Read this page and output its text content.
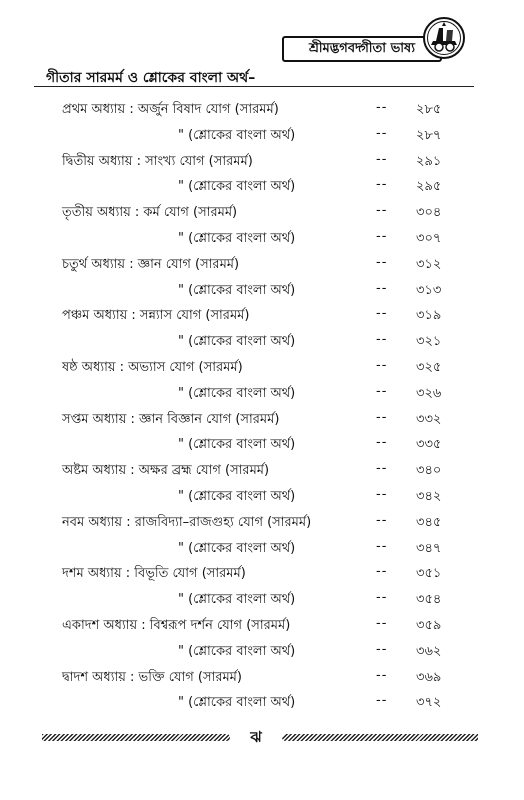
শ্রীমদ্ভগবদ্গীতা ভাষ্য
গীতার সারমর্ম ও শ্লোকের বাংলা অর্থ–
প্রথম অধ্যায় : অর্জুন বিষাদ যোগ (সারমর্ম)	-- ২৮৫
" (শ্লোকের বাংলা অর্থ)	-- ২৮৭
দ্বিতীয় অধ্যায় : সাংখ্য যোগ (সারমর্ম)	-- ২৯১
" (শ্লোকের বাংলা অর্থ)	-- ২৯৫
তৃতীয় অধ্যায় : কর্ম যোগ (সারমর্ম)	-- ৩০৪
" (শ্লোকের বাংলা অর্থ)	-- ৩০৭
চতুর্থ অধ্যায় : জ্ঞান যোগ (সারমর্ম)	-- ৩১২
" (শ্লোকের বাংলা অর্থ)	-- ৩১৩
পঞ্চম অধ্যায় : সন্ন্যাস যোগ (সারমর্ম)	-- ৩১৯
" (শ্লোকের বাংলা অর্থ)	-- ৩২১
ষষ্ঠ অধ্যায় : অভ্যাস যোগ (সারমর্ম)	-- ৩২৫
" (শ্লোকের বাংলা অর্থ)	-- ৩২৬
সপ্তম অধ্যায় : জ্ঞান বিজ্ঞান যোগ (সারমর্ম)	-- ৩৩২
" (শ্লোকের বাংলা অর্থ)	-- ৩৩৫
অষ্টম অধ্যায় : অক্ষর ব্রহ্ম যোগ (সারমর্ম)	-- ৩৪০
" (শ্লোকের বাংলা অর্থ)	-- ৩৪২
নবম অধ্যায় : রাজবিদ্যা–রাজগুহ্য যোগ (সারমর্ম)	-- ৩৪৫
" (শ্লোকের বাংলা অর্থ)	-- ৩৪৭
দশম অধ্যায় : বিভূতি যোগ (সারমর্ম)	-- ৩৫১
" (শ্লোকের বাংলা অর্থ)	-- ৩৫৪
একাদশ অধ্যায় : বিশ্বরূপ দর্শন যোগ (সারমর্ম)	-- ৩৫৯
" (শ্লোকের বাংলা অর্থ)	-- ৩৬২
দ্বাদশ অধ্যায় : ভক্তি যোগ (সারমর্ম)	-- ৩৬৯
" (শ্লোকের বাংলা অর্থ)	-- ৩৭২
ঝ
